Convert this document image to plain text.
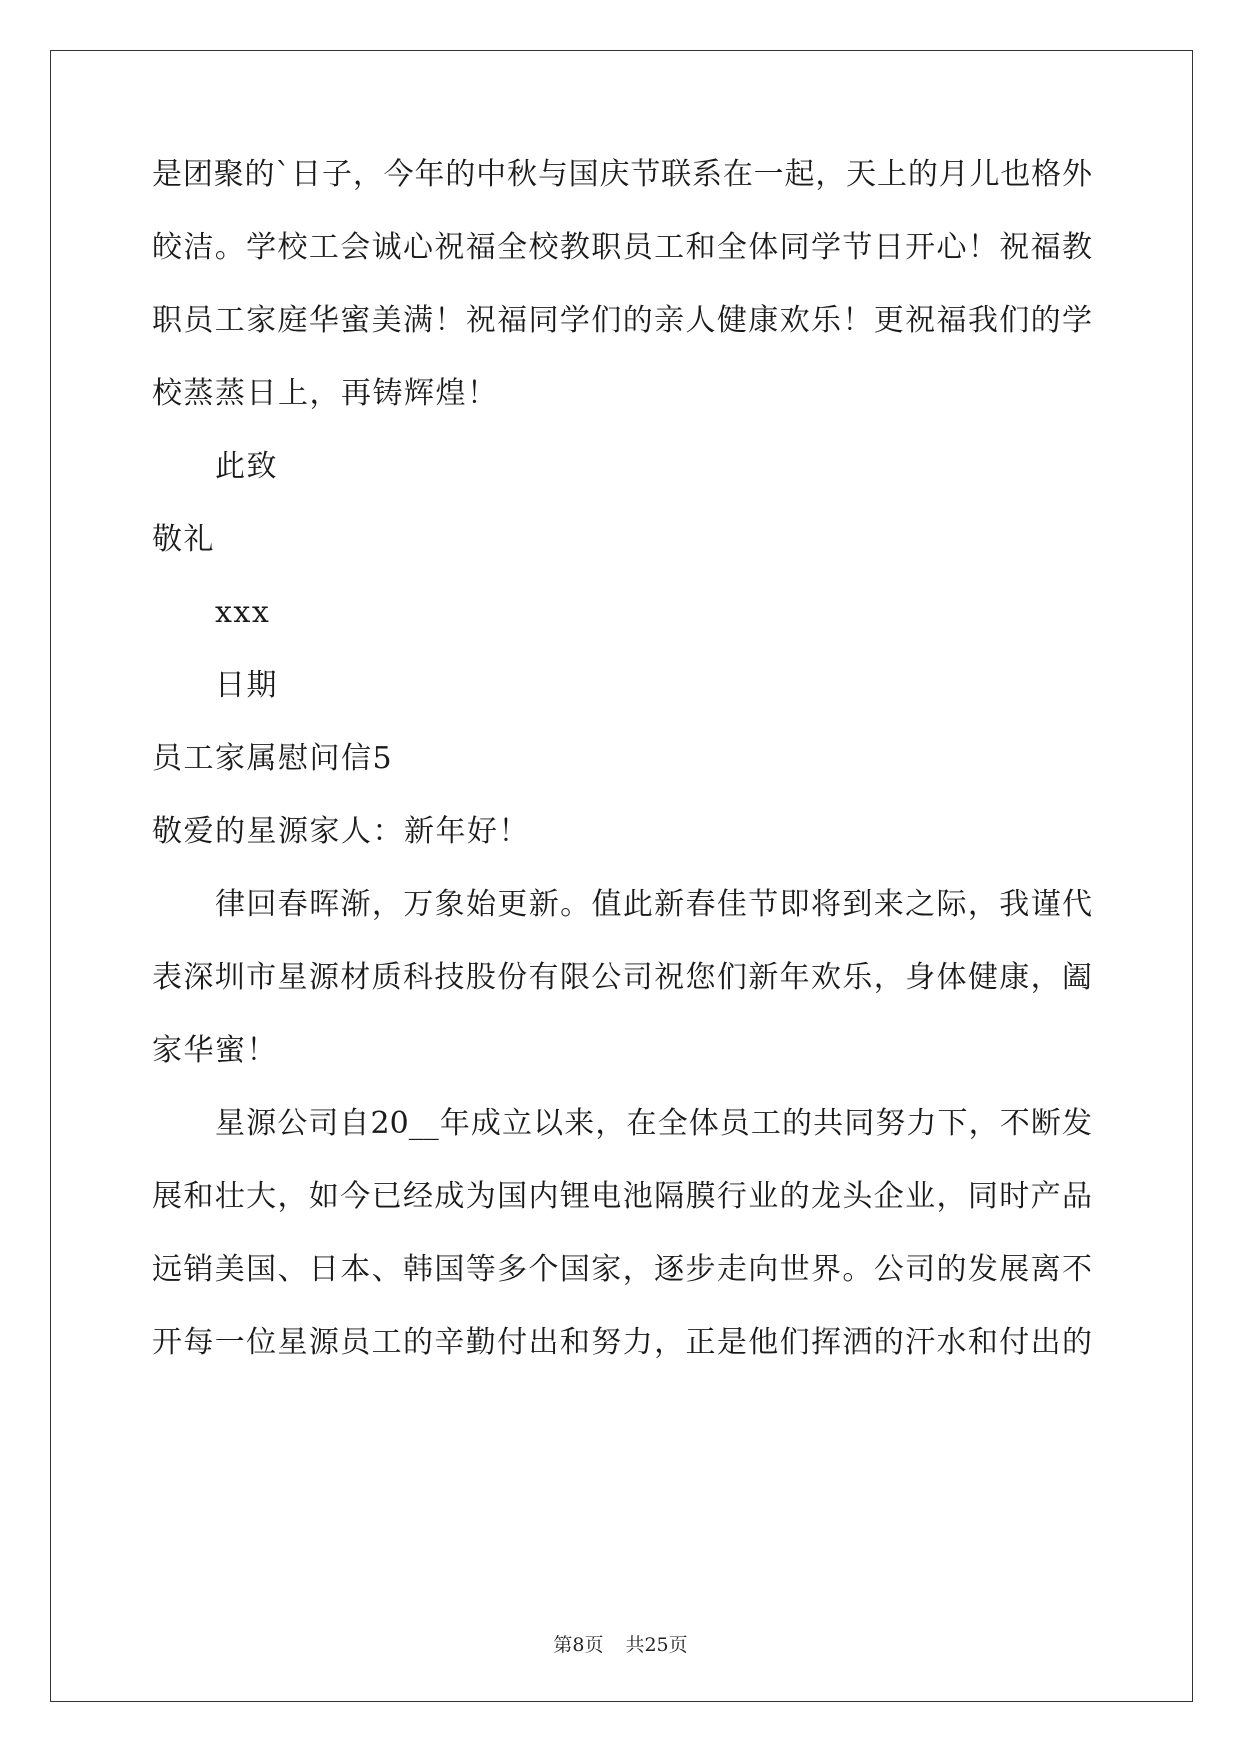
是团聚的`日子，今年的中秋与国庆节联系在一起，天上的月儿也格外
皎洁。学校工会诚心祝福全校教职员工和全体同学节日开心！祝福教
职员工家庭华蜜美满！祝福同学们的亲人健康欢乐！更祝福我们的学
校蒸蒸日上，再铸辉煌！
此致
敬礼
xxx
日期
员工家属慰问信5
敬爱的星源家人：新年好！
律回春晖渐，万象始更新。值此新春佳节即将到来之际，我谨代
表深圳市星源材质科技股份有限公司祝您们新年欢乐，身体健康，阖
家华蜜！
星源公司自20__年成立以来，在全体员工的共同努力下，不断发
展和壮大，如今已经成为国内锂电池隔膜行业的龙头企业，同时产品
远销美国、日本、韩国等多个国家，逐步走向世界。公司的发展离不
开每一位星源员工的辛勤付出和努力，正是他们挥洒的汗水和付出的
第8页 共25页
